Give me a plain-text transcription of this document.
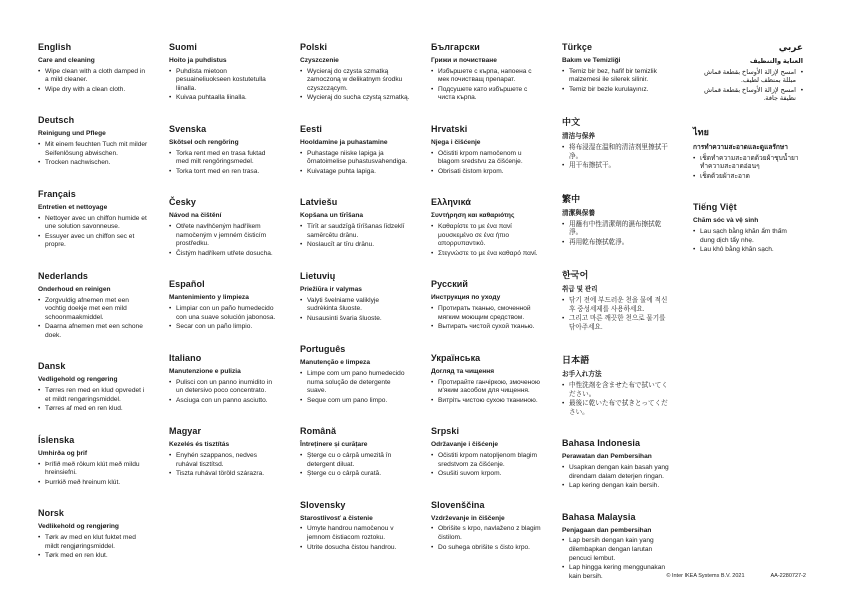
English
Care and cleaning
• Wipe clean with a cloth damped in a mild cleaner.
• Wipe dry with a clean cloth.
Deutsch
Reinigung und Pflege
• Mit einem feuchten Tuch mit milder Seifenlösung abwischen.
• Trocken nachwischen.
Français
Entretien et nettoyage
• Nettoyer avec un chiffon humide et une solution savonneuse.
• Essuyer avec un chiffon sec et propre.
Nederlands
Onderhoud en reinigen
• Zorgvuldig afnemen met een vochtig doekje met een mild schoonmaakmiddel.
• Daarna afnemen met een schone doek.
Dansk
Vedligehold og rengøring
• Tørres ren med en klud opvredet i et mildt rengøringsmiddel.
• Tørres af med en ren klud.
Íslenska
Umhirða og þrif
• Þrífið með rökum klút með mildu hreinsiefni.
• Þurrkið með hreinum klút.
Norsk
Vedlikehold og rengjøring
• Tørk av med en klut fuktet med mildt rengjøringsmiddel.
• Tørk med en ren klut.
Suomi
Hoito ja puhdistus
• Puhdista mietoon pesuaineliuokseen kostutetulla liinalla.
• Kuivaa puhtaalla liinalla.
Svenska
Skötsel och rengöring
• Torka rent med en trasa fuktad med milt rengöringsmedel.
• Torka torrt med en ren trasa.
Česky
Návod na čištění
• Otřete navlhčeným hadříkem namočeným v jemném čisticím prostředku.
• Čistým hadříkem utřete dosucha.
Español
Mantenimiento y limpieza
• Limpiar con un paño humedecido con una suave solución jabonosa.
• Secar con un paño limpio.
Italiano
Manutenzione e pulizia
• Pulisci con un panno inumidito in un detersivo poco concentrato.
• Asciuga con un panno asciutto.
Magyar
Kezelés és tisztítás
• Enyhén szappanos, nedves ruhával tisztítsd.
• Tiszta ruhával töröld szárazra.
Polski
Czyszczenie
• Wycieraj do czysta szmatką zamoczoną w delikatnym środku czyszczącym.
• Wycieraj do sucha czystą szmatką.
Eesti
Hooldamine ja puhastamine
• Puhastage niiske lapiga ja õrnatoimelise puhastusvahendiga.
• Kuivatage puhta lapiga.
Latviešu
Kopšana un tīrīšana
• Tīrīt ar saudzīgā tīrīšanas līdzeklī samērcētu drānu.
• Noslaucīt ar tīru drānu.
Lietuvių
Priežiūra ir valymas
• Valyti švelniame valiklyje sudrėkinta šluoste.
• Nusausinti švaria šluoste.
Português
Manutenção e limpeza
• Limpe com um pano humedecido numa solução de detergente suave.
• Seque com um pano limpo.
Română
Întreținere și curățare
• Șterge cu o cârpă umezită în detergent diluat.
• Șterge cu o cârpă curată.
Slovensky
Starostlivosť a čistenie
• Umyte handrou namočenou v jemnom čistiacom roztoku.
• Utrite dosucha čistou handrou.
Български
Грижи и почистване
• Избършете с кърпа, напоена с мек почистващ препарат.
• Подсушете като избършете с чиста кърпа.
Hrvatski
Njega i čišćenje
• Očistiti krpom namočenom u blagom sredstvu za čišćenje.
• Obrisati čistom krpom.
Ελληνικά
Συντήρηση και καθαριότης
• Καθαρίστε το με ένα πανί μουσκεμένο σε ένα ήπιο απορρυπαντικό.
• Στεγνώστε το με ένα καθαρό πανί.
Русский
Инструкция по уходу
• Протирать тканью, смоченной мягким моющим средством.
• Вытирать чистой сухой тканью.
Українська
Догляд та чищення
• Протирайте ганчіркою, змоченою м'яким засобом для чищення.
• Витріть чистою сухою тканиною.
Srpski
Održavanje i čišćenje
• Očistiti krpom natopljenom blagim sredstvom za čišćenje.
• Osušiti suvom krpom.
Slovenščina
Vzdrževanje in čiščenje
• Obrišite s krpo, navlaženo z blagim čistilom.
• Do suhega obrišite s čisto krpo.
Türkçe
Bakım ve Temizliği
• Temiz bir bez, hafif bir temizlik malzemesi ile silerek silinir.
• Temiz bir bezle kurulayınız.
中文
清洁与保养
• 将布浸湿在温和的清洁剂里擦拭干净。
• 用干布擦拭干。
繁中
清潔與保養
• 用蘸有中性清潔劑的濕布擦拭乾淨。
• 再用乾布擦拭乾淨。
한국어
취급 및 관리
• 닦기 전에 부드러운 천을 물에 적신 후 중성세제를 사용하세요.
• 그리고 마른 깨끗한 천으로 물기를 닦아주세요.
日本語
お手入れ方法
• 中性洗剤を含ませた布で拭いてください。
• 最後に乾いた布で拭きとってください。
Bahasa Indonesia
Perawatan dan Pembersihan
• Usapkan dengan kain basah yang direndam dalam deterjen ringan.
• Lap kering dengan kain bersih.
Bahasa Malaysia
Penjagaan dan pembersihan
• Lap bersih dengan kain yang dilembapkan dengan larutan pencuci lembut.
• Lap hingga kering menggunakan kain bersih.
عربي
العناية والتنظيف
•
امسح لإزالة الأوساخ بقطعة قماش مبللة بمنظف لطيف.
•
امسح لإزالة الأوساخ بقطعة قماش نظيفة جافة.
ไทย
การทำความสะอาดและดูแลรักษา
• เช็ดทำความสะอาดด้วยผ้าชุบน้ำยาทำความสะอาดอ่อนๆ
• เช็ดด้วยผ้าสะอาด
Tiếng Việt
Chăm sóc và vệ sinh
• Lau sạch bằng khăn ẩm thấm dung dịch tẩy nhẹ.
• Lau khô bằng khăn sạch.
© Inter IKEA Systems B.V. 2021	AA-2280727-2
